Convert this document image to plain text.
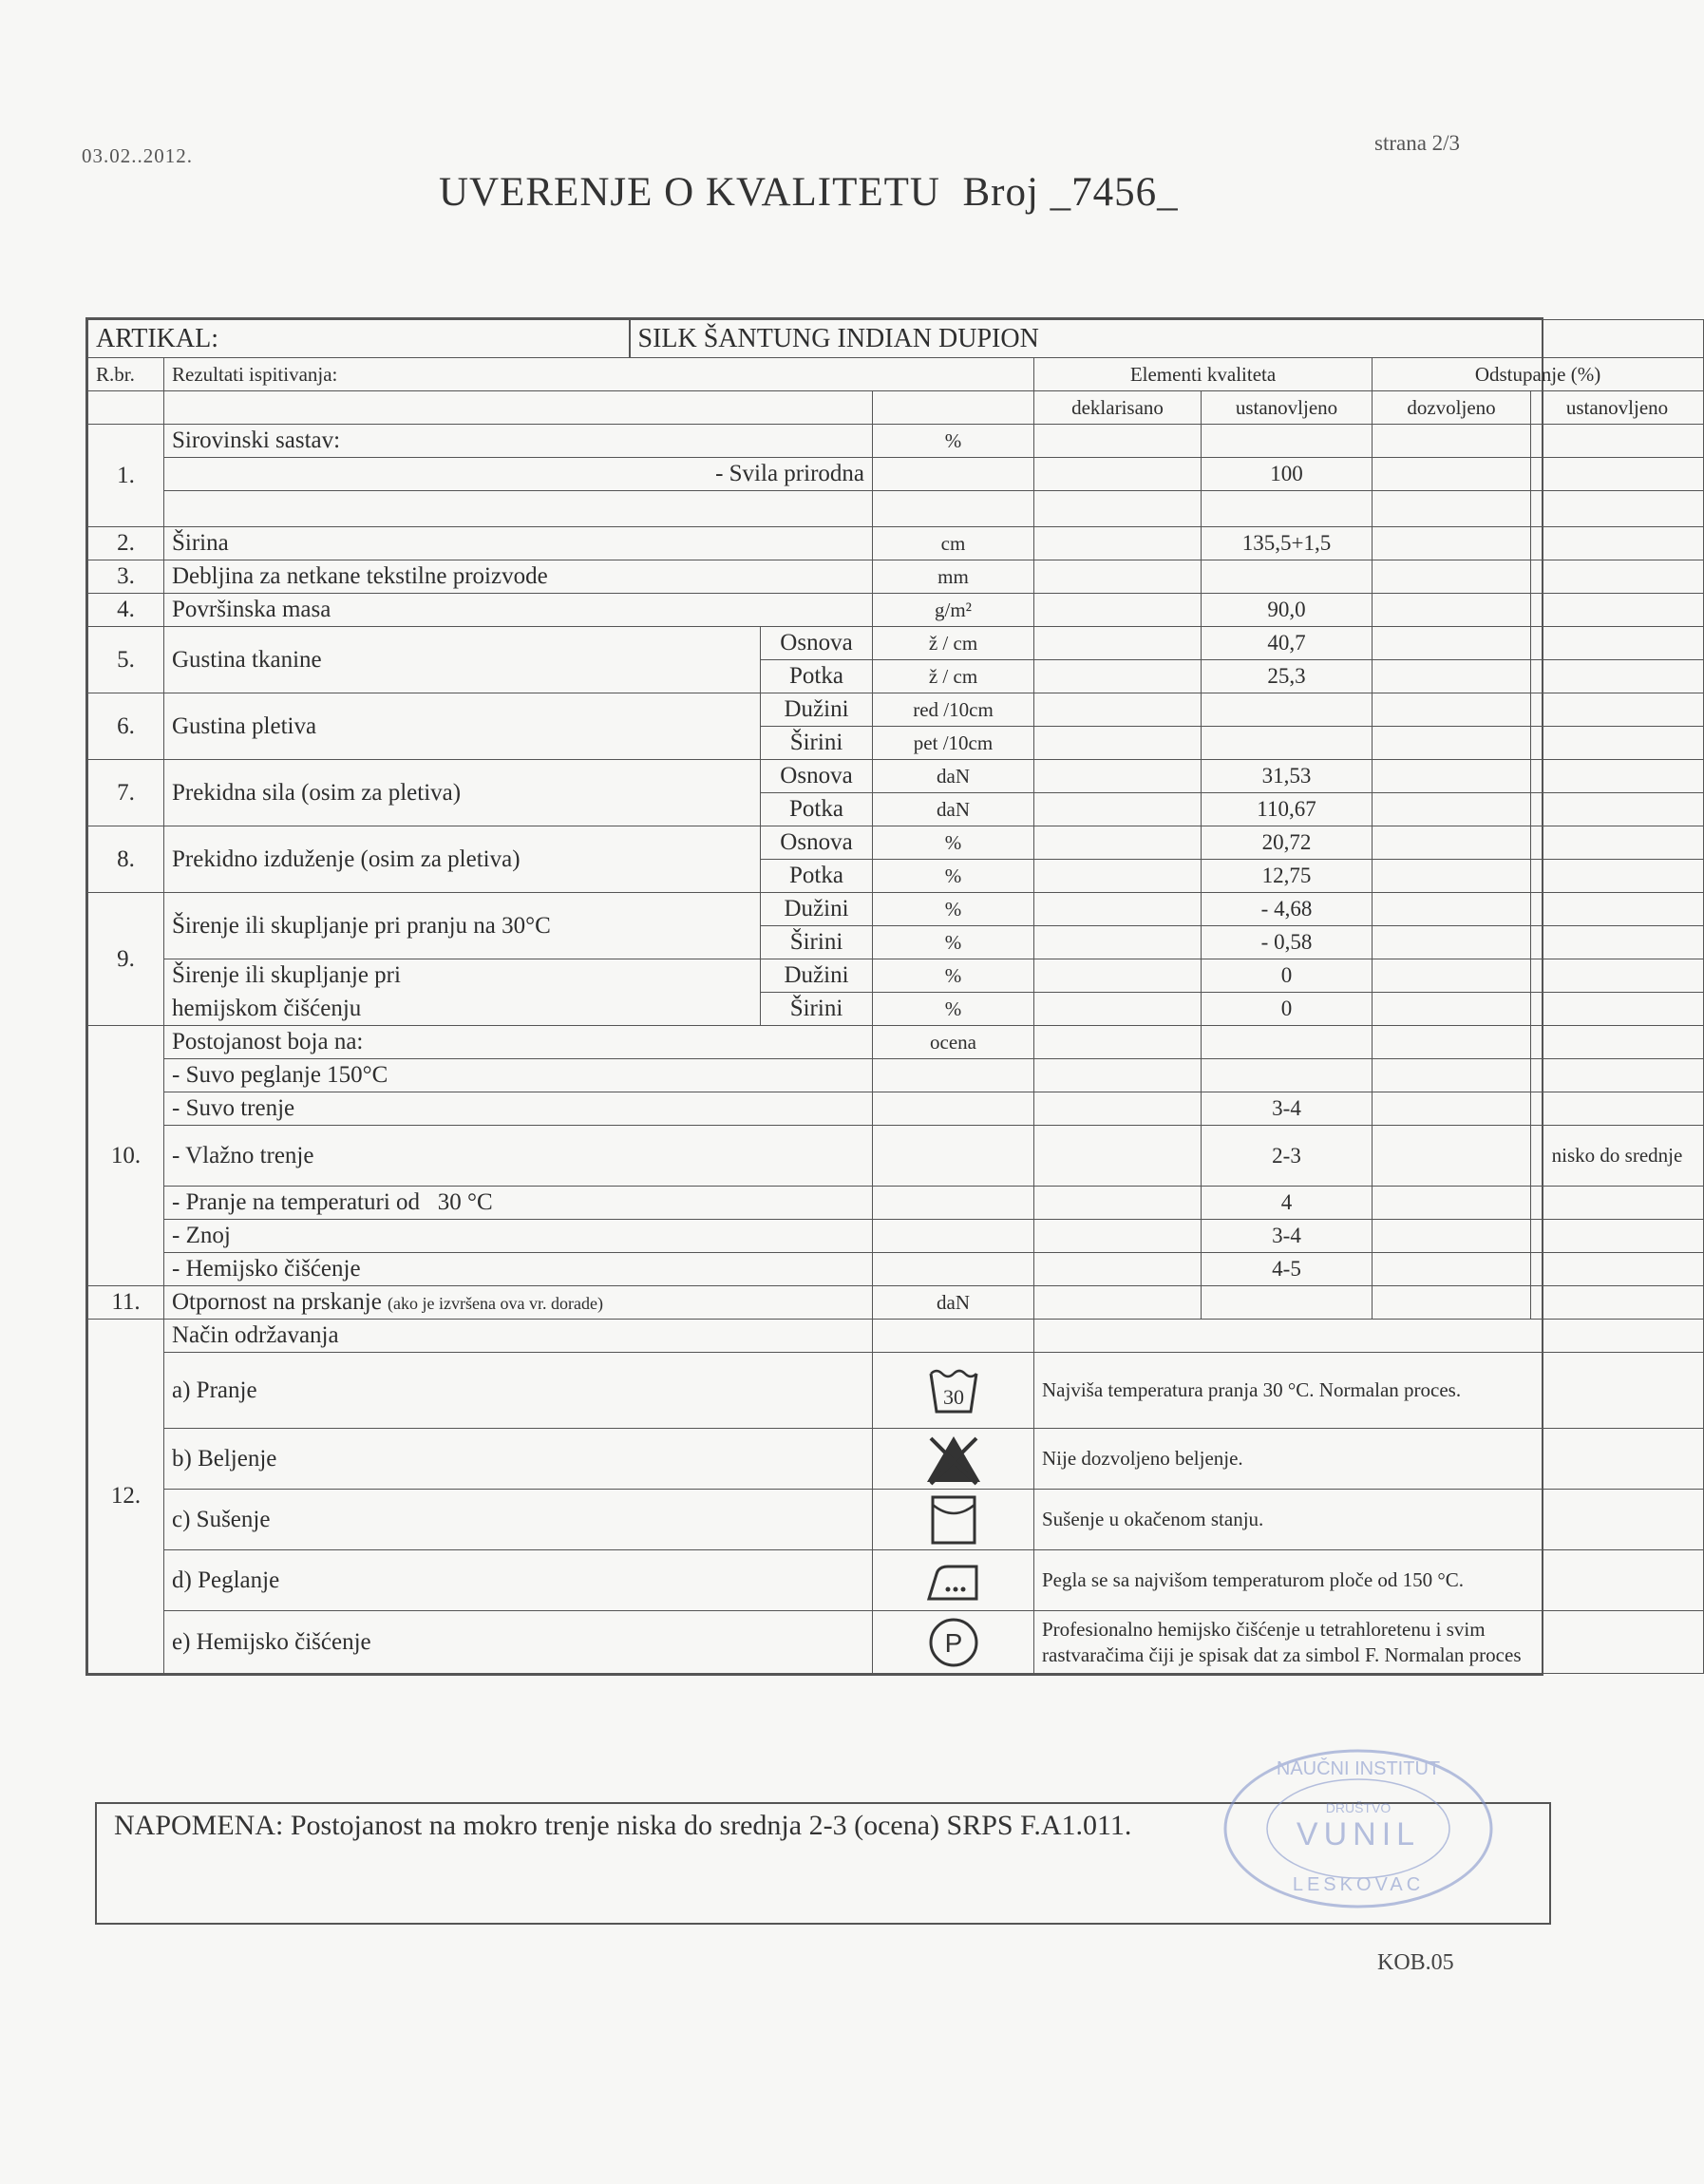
03.02..2012.
strana 2/3
UVERENJE O KVALITETU  Broj _7456_
ARTIKAL:		SILK ŠANTUNG INDIAN DUPION						
R.br.	Rezultati ispitivanja:				Elementi kvaliteta		Odstupanje (%)	
					deklarisano	ustanovljeno	dozvoljeno	ustanovljeno
1.	Sirovinski sastav:			%				
	- Svila prirodna					100		

2.	Širina			cm		135,5+1,5		
3.	Debljina za netkane tekstilne proizvode			mm				
4.	Površinska masa			g/m²		90,0		
5.	Gustina tkanine		Osnova	ž / cm		40,7		
			Potka	ž / cm		25,3		
6.	Gustina pletiva		Dužini	red /10cm				
			Širini	pet /10cm				
7.	Prekidna sila (osim za pletiva)		Osnova	daN		31,53		
			Potka	daN		110,67		
8.	Prekidno izduženje (osim za pletiva)		Osnova	%		20,72		
			Potka	%		12,75		
9.	Širenje ili skupljanje pri pranju na 30°C		Dužini	%		- 4,68		
			Širini	%		- 0,58		
	Širenje ili skupljanje pri		Dužini	%		0		
	hemijskom čišćenju		Širini	%		0		
10.	Postojanost boja na:			ocena				
	- Suvo peglanje 150°C							
	- Suvo trenje					3-4		
	- Vlažno trenje					2-3		nisko do srednje
	- Pranje na temperaturi od   30 °C					4		
	- Znoj					3-4		
	- Hemijsko čišćenje					4-5		
11.	Otpornost na prskanje (ako je izvršena ova vr. dorade)			daN				
12.	Način održavanja							
	a) Pranje			30	Najviša temperatura pranja 30 °C. Normalan proces.			
	b) Beljenje				Nije dozvoljeno beljenje.			
	c) Sušenje				Sušenje u okačenom stanju.			
	d) Peglanje				Pegla se sa najvišom temperaturom ploče od 150 °C.			
	e) Hemijsko čišćenje			P	Profesionalno hemijsko čišćenje u tetrahloretenu i svim
rastvaračima čiji je spisak dat za simbol F. Normalan proces			
NAPOMENA: Postojanost na mokro trenje niska do srednja 2-3 (ocena) SRPS F.A1.011.
NAUČNI INSTITUT
DRUŠTVO
VUNIL
LESKOVAC
KOB.05
